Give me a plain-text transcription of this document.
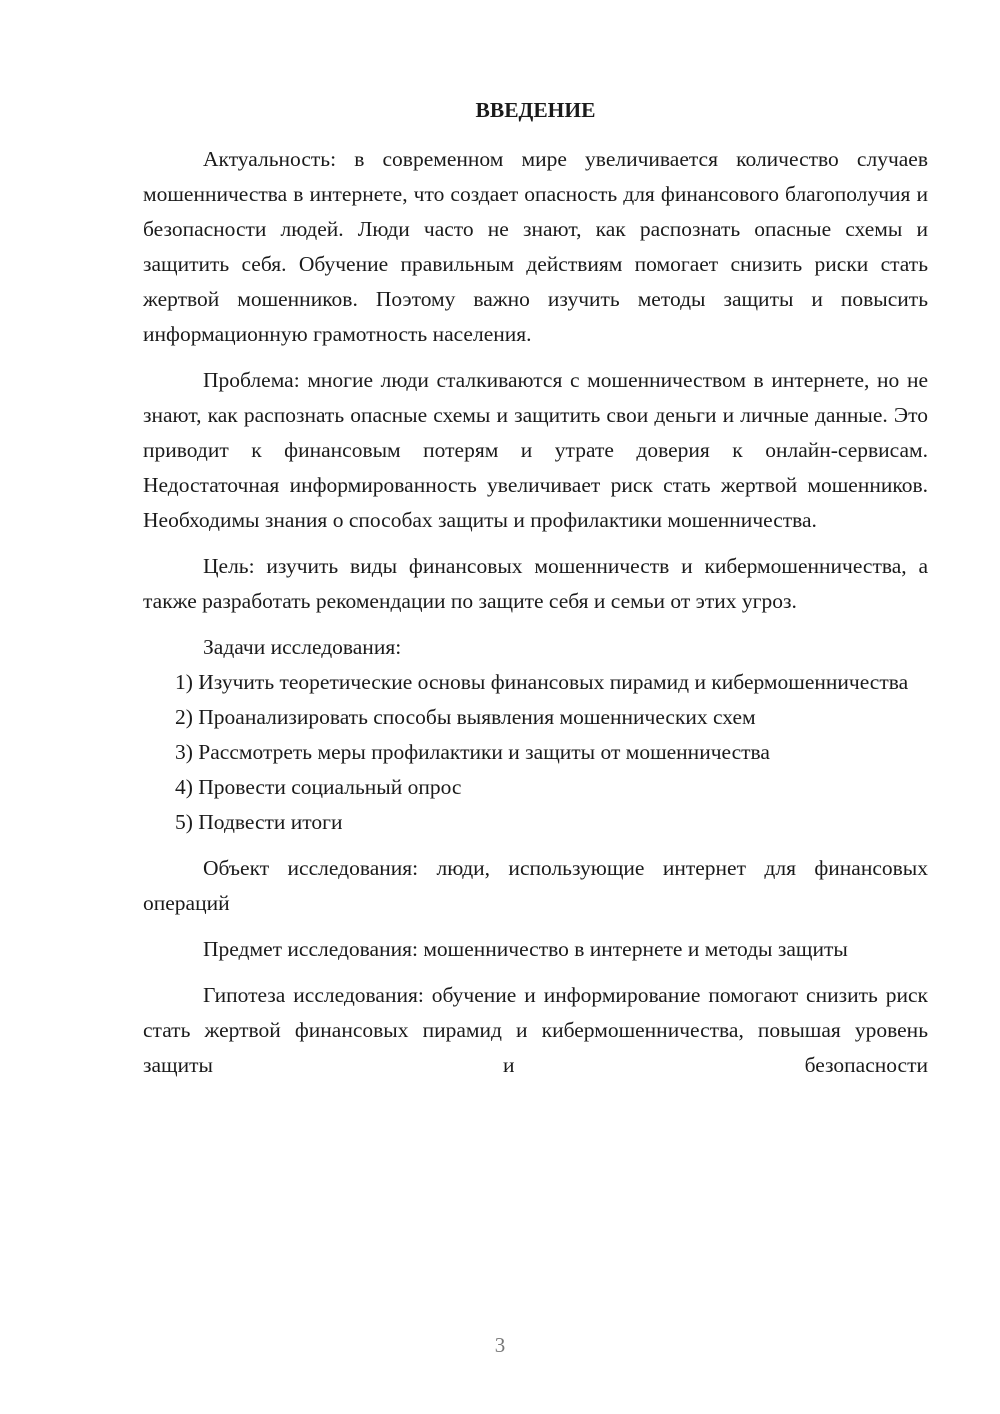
ВВЕДЕНИЕ

Актуальность: в современном мире увеличивается количество случаев мошенничества в интернете, что создает опасность для финансового благополучия и безопасности людей. Люди часто не знают, как распознать опасные схемы и защитить себя. Обучение правильным действиям помогает снизить риски стать жертвой мошенников. Поэтому важно изучить методы защиты и повысить информационную грамотность населения.

Проблема: многие люди сталкиваются с мошенничеством в интернете, но не знают, как распознать опасные схемы и защитить свои деньги и личные данные. Это приводит к финансовым потерям и утрате доверия к онлайн-сервисам. Недостаточная информированность увеличивает риск стать жертвой мошенников. Необходимы знания о способах защиты и профилактики мошенничества.

Цель: изучить виды финансовых мошенничеств и кибермошенничества, а также разработать рекомендации по защите себя и семьи от этих угроз.

Задачи исследования:

1) Изучить теоретические основы финансовых пирамид и кибермошенничества

2) Проанализировать способы выявления мошеннических схем

3) Рассмотреть меры профилактики и защиты от мошенничества

4) Провести социальный опрос

5) Подвести итоги

Объект исследования: люди, использующие интернет для финансовых операций

Предмет исследования: мошенничество в интернете и методы защиты

Гипотеза исследования: обучение и информирование помогают снизить риск стать жертвой финансовых пирамид и кибермошенничества, повышая уровень защиты и безопасности

3
